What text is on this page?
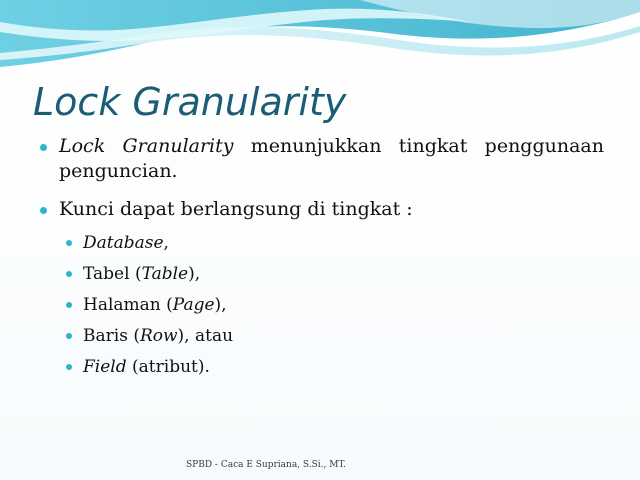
Lock Granularity
Lock Granularity menunjukkan tingkat penggunaan penguncian.
Kunci dapat berlangsung di tingkat :
Database,
Tabel (Table),
Halaman (Page),
Baris (Row), atau
Field (atribut).
SPBD - Caca E Supriana, S.Si., MT.
